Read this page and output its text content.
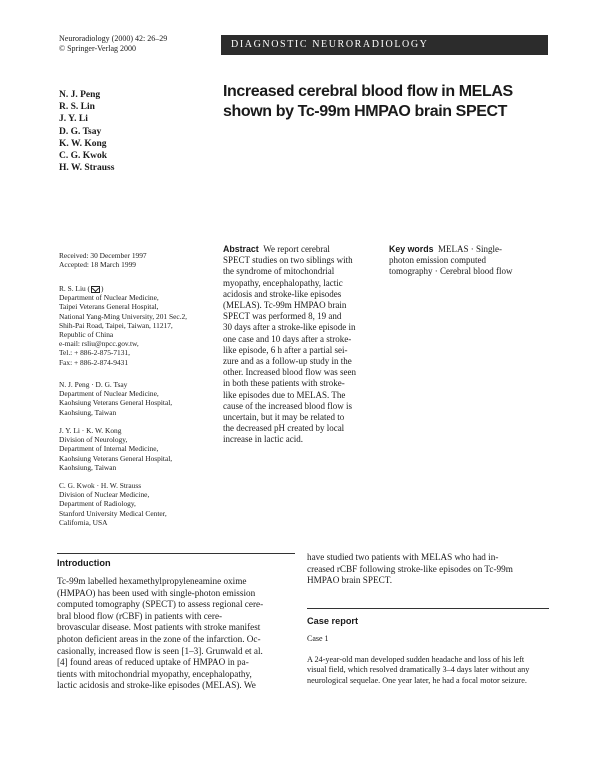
Neuroradiology (2000) 42: 26–29
© Springer-Verlag 2000	DIAGNOSTIC NEURORADIOLOGY
N. J. Peng
R. S. Lin
J. Y. Li
D. G. Tsay
K. W. Kong
C. G. Kwok
H. W. Strauss
Increased cerebral blood flow in MELAS
shown by Tc-99m HMPAO brain SPECT
Received: 30 December 1997
Accepted: 18 March 1999
R. S. Liu ( )
Department of Nuclear Medicine,
Taipei Veterans General Hospital,
National Yang-Ming University, 201 Sec.2,
Shih-Pai Road, Taipei, Taiwan, 11217,
Republic of China
e-mail: rsliu@npcc.gov.tw,
Tel.: + 886-2-875-7131,
Fax: + 886-2-874-9431
N. J. Peng · D. G. Tsay
Department of Nuclear Medicine,
Kaohsiung Veterans General Hospital,
Kaohsiung, Taiwan
J. Y. Li · K. W. Kong
Division of Neurology,
Department of Internal Medicine,
Kaohsiung Veterans General Hospital,
Kaohsiung, Taiwan
C. G. Kwok · H. W. Strauss
Division of Nuclear Medicine,
Department of Radiology,
Stanford University Medical Center,
California, USA
Abstract We report cerebral
SPECT studies on two siblings with
the syndrome of mitochondrial
myopathy, encephalopathy, lactic
acidosis and stroke-like episodes
(MELAS). Tc-99m HMPAO brain
SPECT was performed 8, 19 and
30 days after a stroke-like episode in
one case and 10 days after a stroke-
like episode, 6 h after a partial sei-
zure and as a follow-up study in the
other. Increased blood flow was seen
in both these patients with stroke-
like episodes due to MELAS. The
cause of the increased blood flow is
uncertain, but it may be related to
the decreased pH created by local
increase in lactic acid.
Key words MELAS · Single-
photon emission computed
tomography · Cerebral blood flow
Introduction
Tc-99m labelled hexamethylpropyleneamine oxime
(HMPAO) has been used with single-photon emission
computed tomography (SPECT) to assess regional cere-
bral blood flow (rCBF) in patients with cere-
brovascular disease. Most patients with stroke manifest
photon deficient areas in the zone of the infarction. Oc-
casionally, increased flow is seen [1–3]. Grunwald et al.
[4] found areas of reduced uptake of HMPAO in pa-
tients with mitochondrial myopathy, encephalopathy,
lactic acidosis and stroke-like episodes (MELAS). We
have studied two patients with MELAS who had in-
creased rCBF following stroke-like episodes on Tc-99m
HMPAO brain SPECT.
Case report
Case 1
A 24-year-old man developed sudden headache and loss of his left
visual field, which resolved dramatically 3–4 days later without any
neurological sequelae. One year later, he had a focal motor seizure.
